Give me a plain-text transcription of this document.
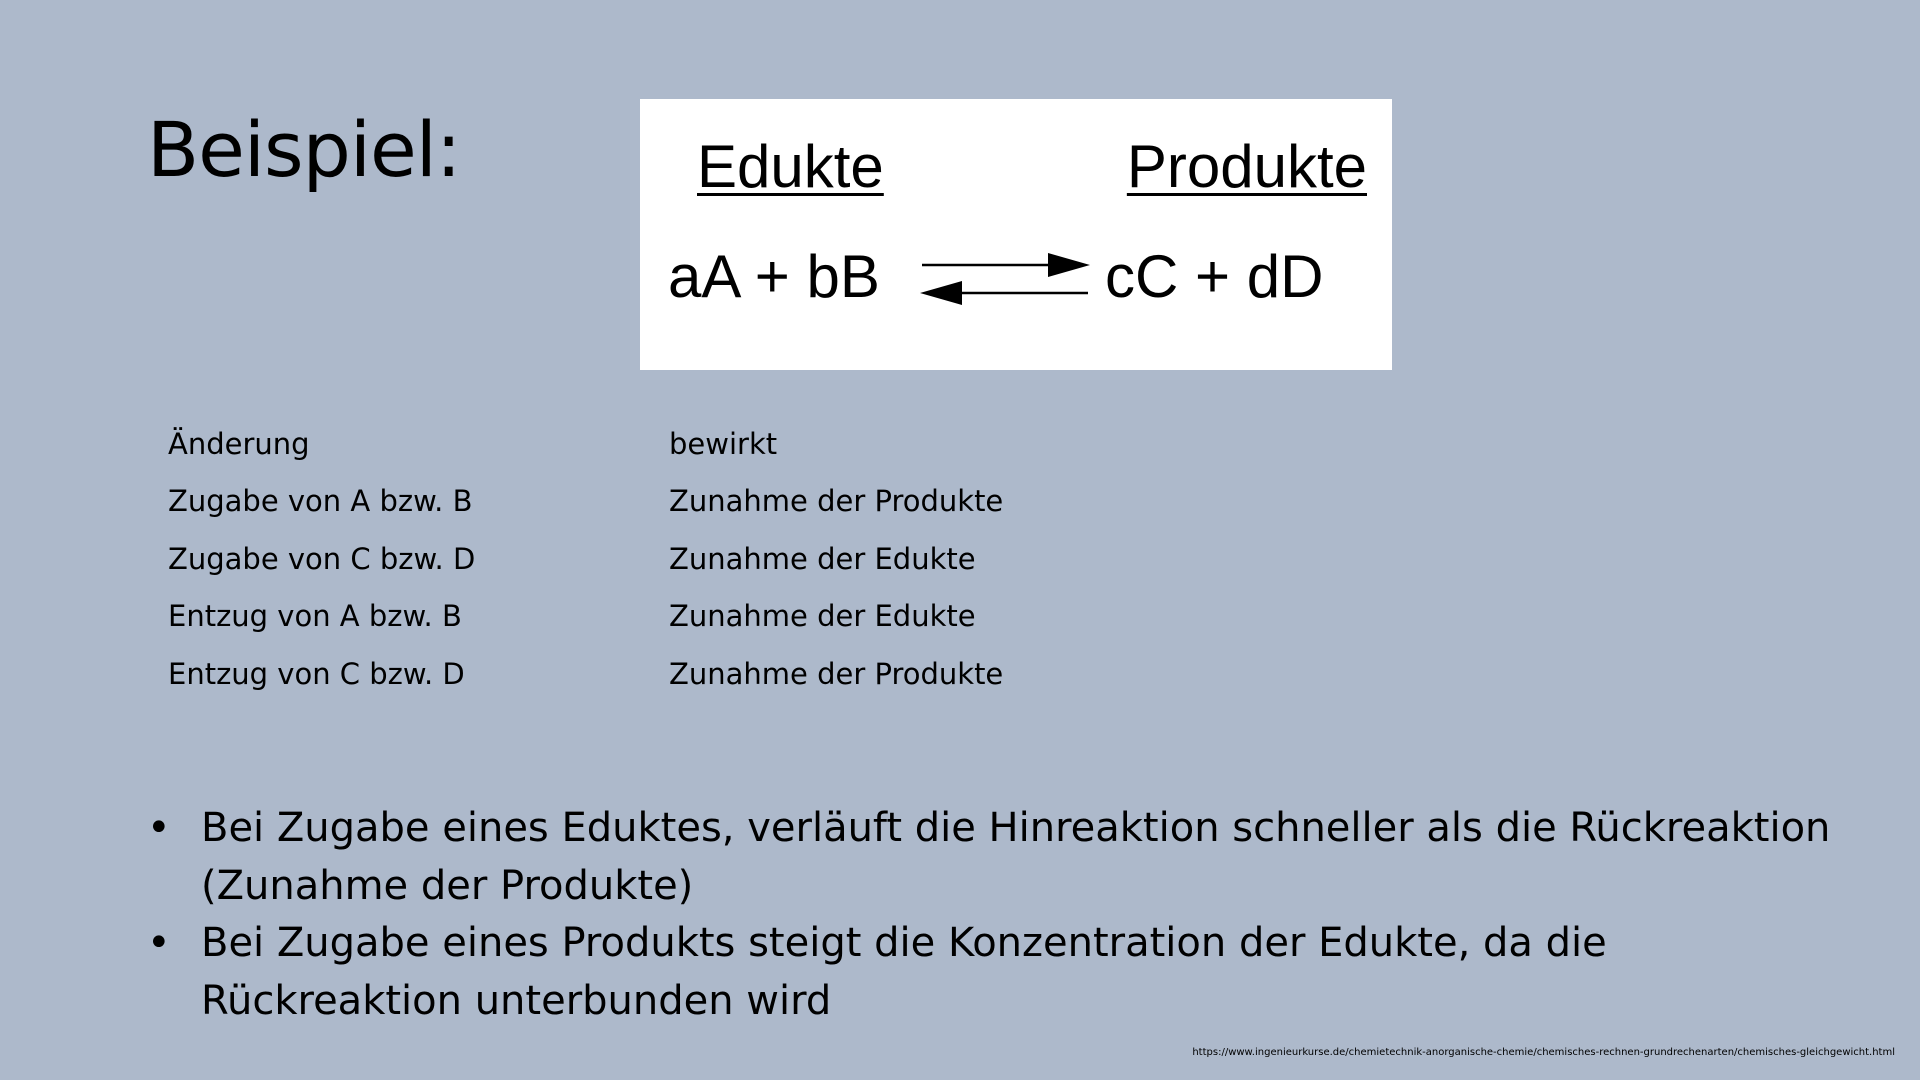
Beispiel:	Edukte	Produkte
aA + bB	cC + dD
Änderung	bewirkt
Zugabe von A bzw. B	Zunahme der Produkte
Zugabe von C bzw. D	Zunahme der Edukte
Entzug von A bzw. B	Zunahme der Edukte
Entzug von C bzw. D	Zunahme der Produkte
• Bei Zugabe eines Eduktes, verläuft die Hinreaktion schneller als die Rückreaktion (Zunahme der Produkte)
• Bei Zugabe eines Produkts steigt die Konzentration der Edukte, da die Rückreaktion unterbunden wird
https://www.ingenieurkurse.de/chemietechnik-anorganische-chemie/chemisches-rechnen-grundrechenarten/chemisches-gleichgewicht.html
